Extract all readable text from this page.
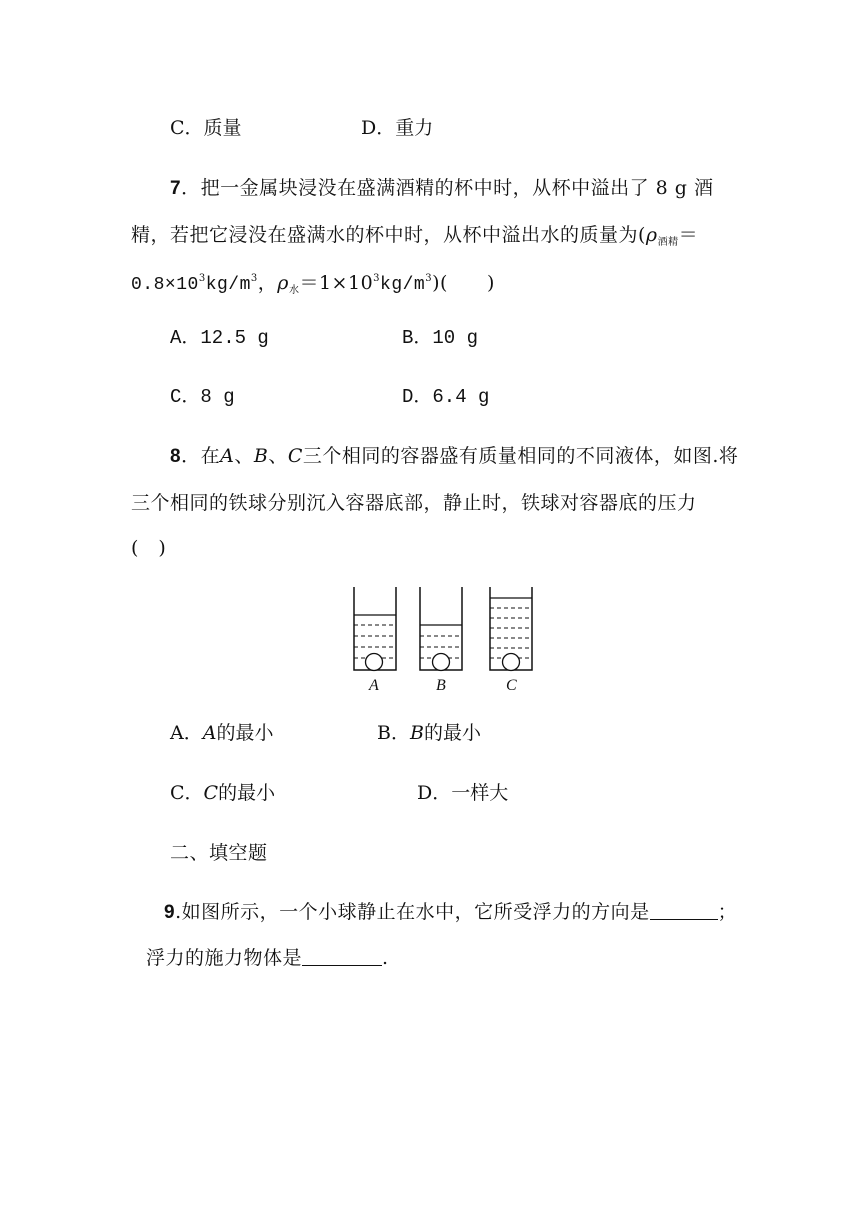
C．质量	D．重力
7．把一金属块浸没在盛满酒精的杯中时，从杯中溢出了 8 g 酒
精，若把它浸没在盛满水的杯中时，从杯中溢出水的质量为(ρ酒精＝
0.8×103kg/m3，ρ水＝1×103kg/m3)(　　)
A．12.5 g	B．10 g
C．8 g	D．6.4 g
8．在A、B、C三个相同的容器盛有质量相同的不同液体，如图.将
三个相同的铁球分别沉入容器底部，静止时，铁球对容器底的压力
(　)
A	B	C
A．A的最小	B．B的最小
C．C的最小	D．一样大
二、填空题
9.如图所示，一个小球静止在水中，它所受浮力的方向是	；
浮力的施力物体是	.
